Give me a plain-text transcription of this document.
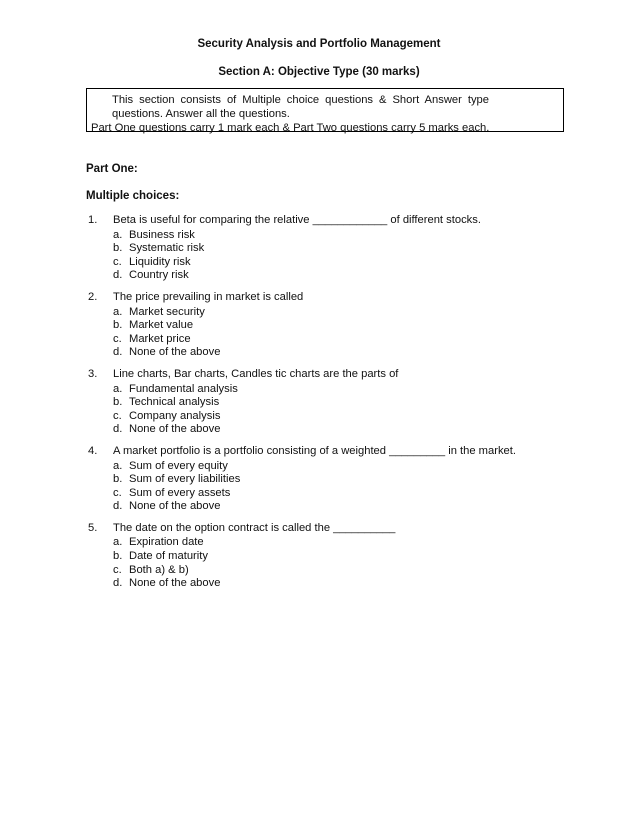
Security Analysis and Portfolio Management
Section A: Objective Type (30 marks)
This section consists of Multiple choice questions & Short Answer type
questions. Answer all the questions.
Part One questions carry 1 mark each & Part Two questions carry 5 marks each.
Part One:
Multiple choices:
1. Beta is useful for comparing the relative ____________ of different stocks.
a. Business risk
b. Systematic risk
c. Liquidity risk
d. Country risk
2. The price prevailing in market is called
a. Market security
b. Market value
c. Market price
d. None of the above
3. Line charts, Bar charts, Candles tic charts are the parts of
a. Fundamental analysis
b. Technical analysis
c. Company analysis
d. None of the above
4. A market portfolio is a portfolio consisting of a weighted _________ in the market.
a. Sum of every equity
b. Sum of every liabilities
c. Sum of every assets
d. None of the above
5. The date on the option contract is called the __________
a. Expiration date
b. Date of maturity
c. Both a) & b)
d. None of the above
